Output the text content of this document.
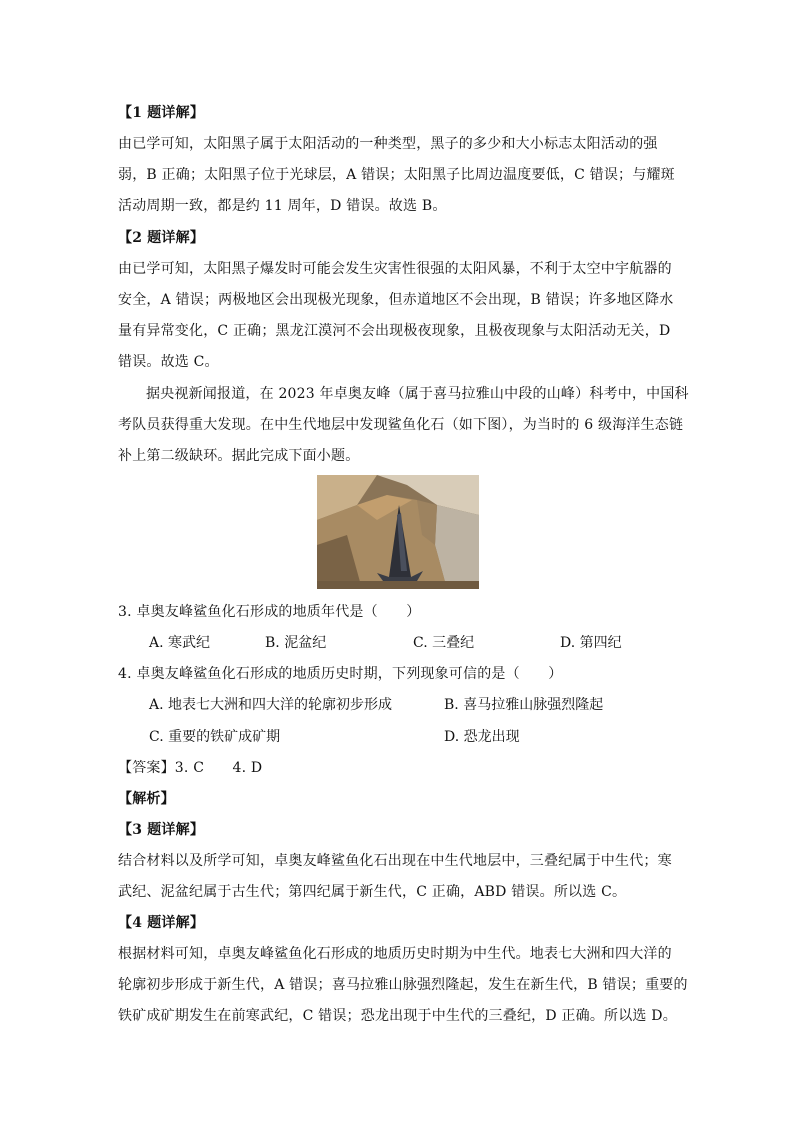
【1 题详解】
由已学可知，太阳黑子属于太阳活动的一种类型，黑子的多少和大小标志太阳活动的强
弱，B 正确；太阳黑子位于光球层，A 错误；太阳黑子比周边温度要低，C 错误；与耀斑
活动周期一致，都是约 11 周年，D 错误。故选 B。
【2 题详解】
由已学可知，太阳黑子爆发时可能会发生灾害性很强的太阳风暴，不利于太空中宇航器的
安全，A 错误；两极地区会出现极光现象，但赤道地区不会出现，B 错误；许多地区降水
量有异常变化，C 正确；黑龙江漠河不会出现极夜现象，且极夜现象与太阳活动无关，D
错误。故选 C。
据央视新闻报道，在 2023 年卓奥友峰（属于喜马拉雅山中段的山峰）科考中，中国科
考队员获得重大发现。在中生代地层中发现鲨鱼化石（如下图），为当时的 6 级海洋生态链
补上第二级缺环。据此完成下面小题。
3. 卓奥友峰鲨鱼化石形成的地质年代是（　　）
A. 寒武纪	B. 泥盆纪	C. 三叠纪	D. 第四纪
4. 卓奥友峰鲨鱼化石形成的地质历史时期，下列现象可信的是（　　）
A. 地表七大洲和四大洋的轮廓初步形成	B. 喜马拉雅山脉强烈隆起
C. 重要的铁矿成矿期	D. 恐龙出现
【答案】3. C　　4. D
【解析】
【3 题详解】
结合材料以及所学可知，卓奥友峰鲨鱼化石出现在中生代地层中，三叠纪属于中生代；寒
武纪、泥盆纪属于古生代；第四纪属于新生代，C 正确，ABD 错误。所以选 C。
【4 题详解】
根据材料可知，卓奥友峰鲨鱼化石形成的地质历史时期为中生代。地表七大洲和四大洋的
轮廓初步形成于新生代，A 错误；喜马拉雅山脉强烈隆起，发生在新生代，B 错误；重要的
铁矿成矿期发生在前寒武纪，C 错误；恐龙出现于中生代的三叠纪，D 正确。所以选 D。
